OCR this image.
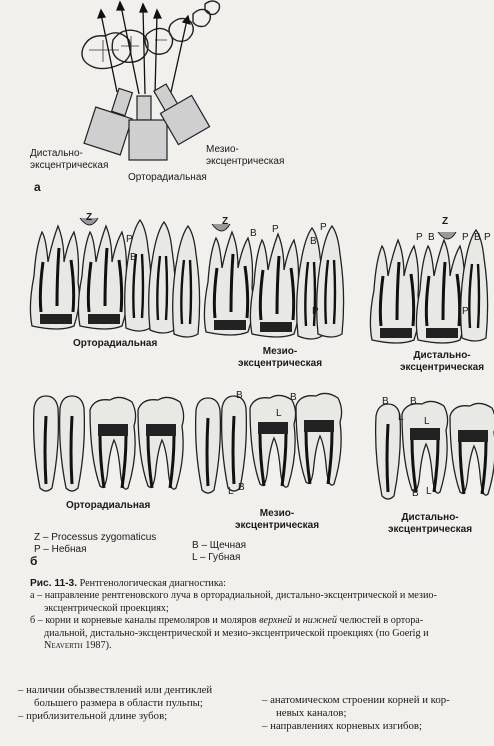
Дистально-
эксцентрическая
Орторадиальная
Мезио-
эксцентрическая
а
Z
P
B
Z
B P
B
P
P
P B
Z
P B P
P
Орторадиальная
Мезио-
эксцентрическая
Дистально-
эксцентрическая
B	B
L
L B
B B
L L
B L
Орторадиальная
Мезио-
эксцентрическая
Дистально-
эксцентрическая
Z – Processus zygomaticus
P – Небная	B – Щечная
L – Губная
б
Рис. 11-3. Рентгенологическая диагностика:
а – направление рентгеновского луча в орторадиальной, дистально-эксцентрической и мезио-
эксцентрической проекциях;
б – корни и корневые каналы премоляров и моляров верхней и нижней челюстей в ортора-
диальной, дистально-эксцентрической и мезио-эксцентрической проекциях (по Goerig и
Neaverth 1987).
– наличии обызвествлений или дентиклей
большего размера в области пульпы;
– приблизительной длине зубов;
– анатомическом строении корней и кор-
невых каналов;
– направлениях корневых изгибов;
